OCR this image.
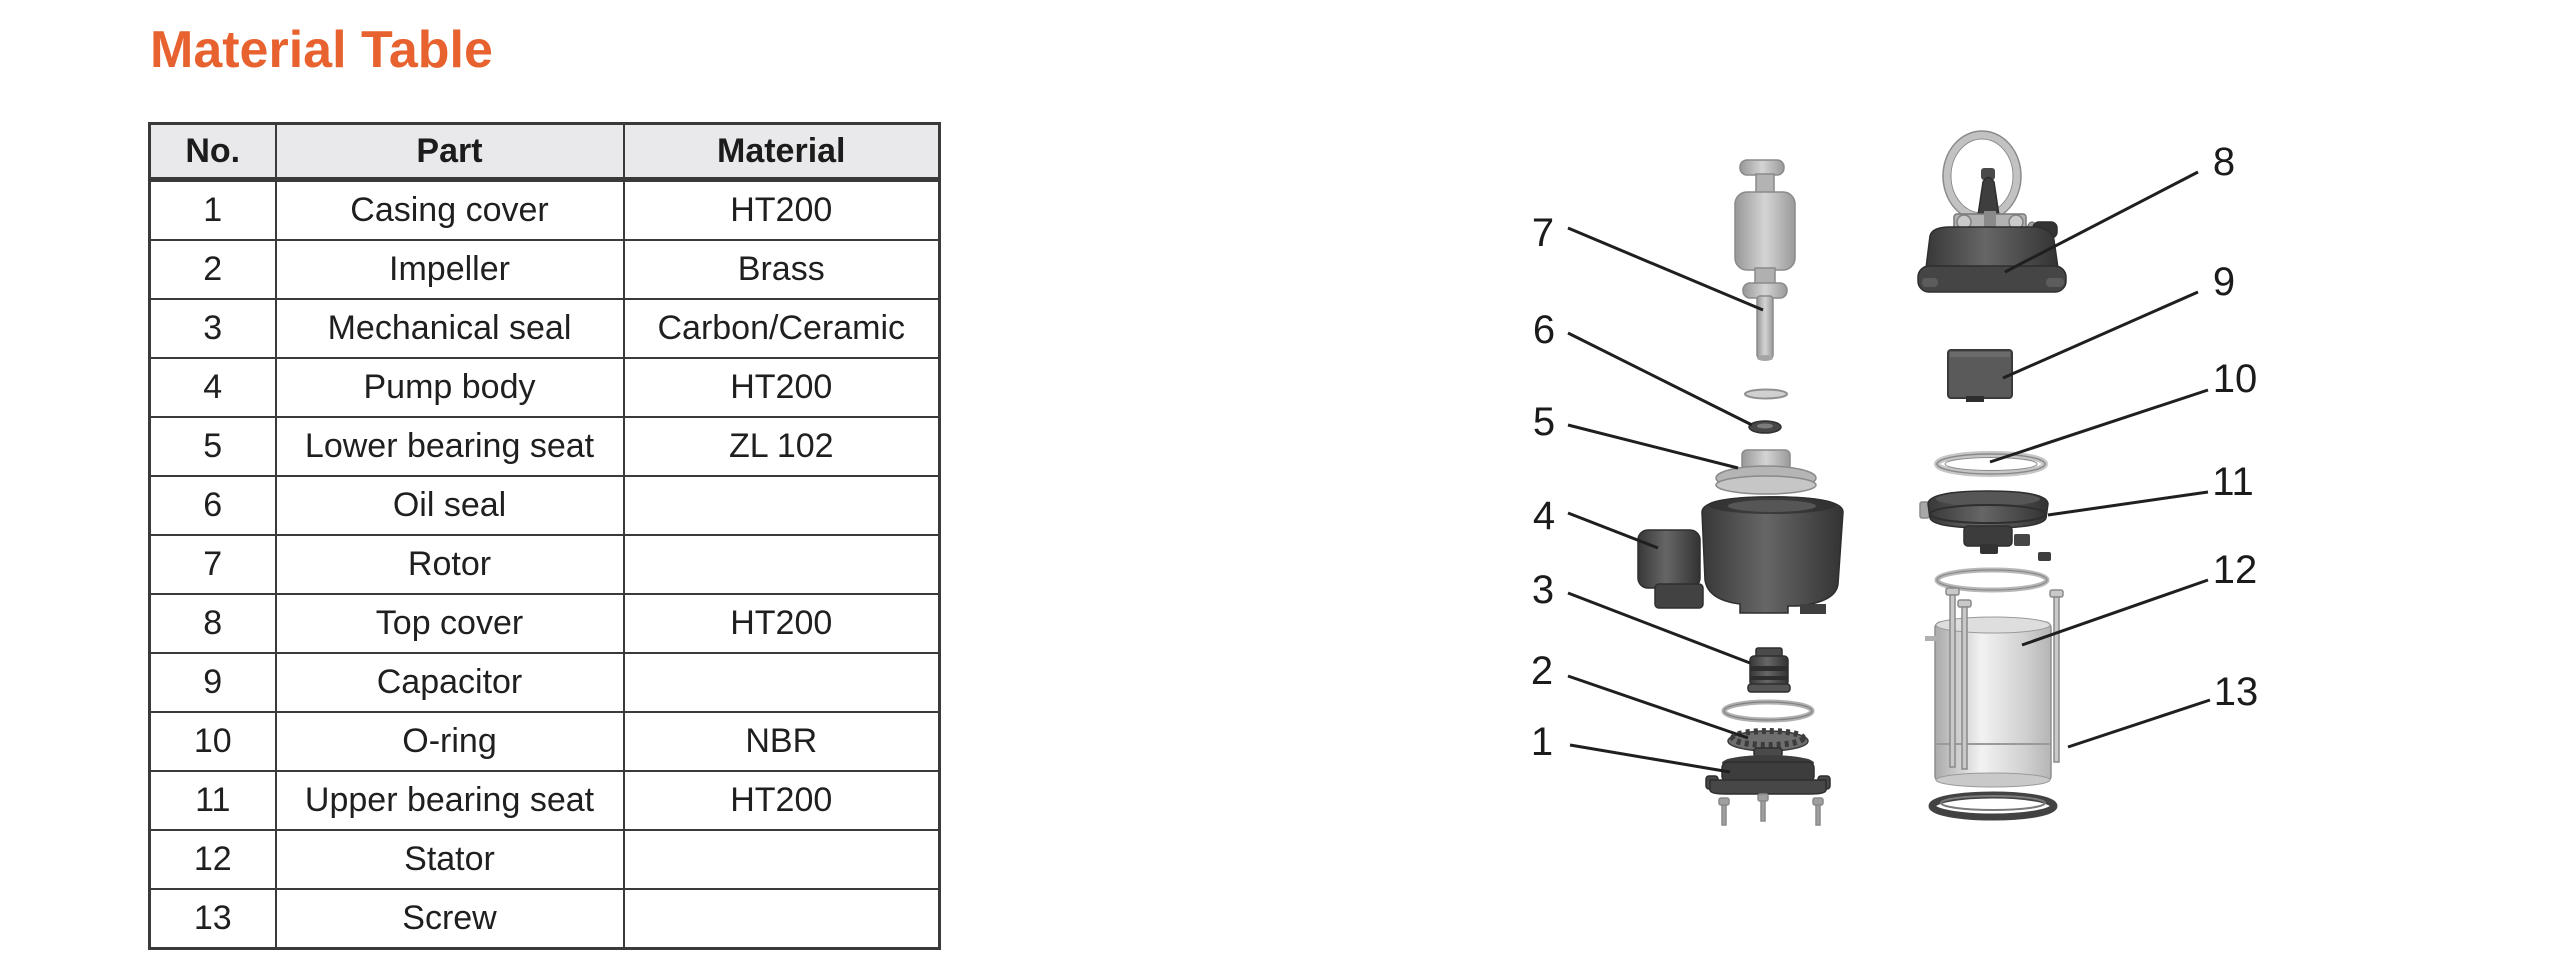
Material Table
No.	Part	Material
1	Casing cover	HT200
2	Impeller	Brass
3	Mechanical seal	Carbon/Ceramic
4	Pump body	HT200
5	Lower bearing seat	ZL 102
6	Oil seal	
7	Rotor	
8	Top cover	HT200
9	Capacitor	
10	O-ring	NBR
11	Upper bearing seat	HT200
12	Stator	
13	Screw	
7
6
5
4
3
2
1
8
9
10
11
12
13
